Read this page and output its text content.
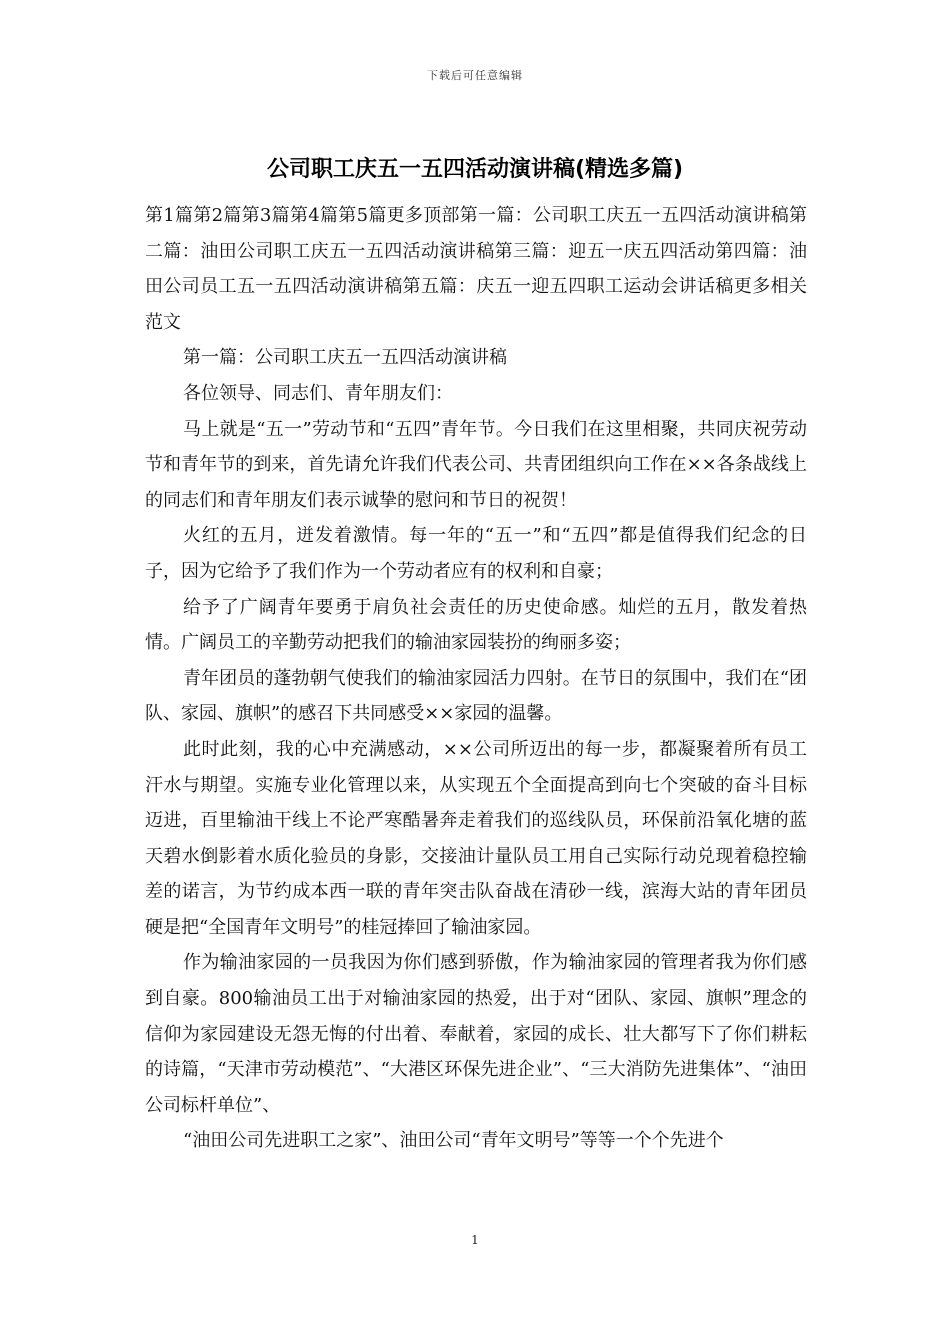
下载后可任意编辑
公司职工庆五一五四活动演讲稿(精选多篇)

第1篇第2篇第3篇第4篇第5篇更多顶部第一篇：公司职工庆五一五四活动演讲稿第二篇：油田公司职工庆五一五四活动演讲稿第三篇：迎五一庆五四活动第四篇：油田公司员工五一五四活动演讲稿第五篇：庆五一迎五四职工运动会讲话稿更多相关范文

第一篇：公司职工庆五一五四活动演讲稿

各位领导、同志们、青年朋友们：

马上就是“五一”劳动节和“五四”青年节。今日我们在这里相聚，共同庆祝劳动节和青年节的到来，首先请允许我们代表公司、共青团组织向工作在××各条战线上的同志们和青年朋友们表示诚挚的慰问和节日的祝贺！

火红的五月，迸发着激情。每一年的“五一”和“五四”都是值得我们纪念的日子，因为它给予了我们作为一个劳动者应有的权利和自豪；

给予了广阔青年要勇于肩负社会责任的历史使命感。灿烂的五月，散发着热情。广阔员工的辛勤劳动把我们的输油家园装扮的绚丽多姿；

青年团员的蓬勃朝气使我们的输油家园活力四射。在节日的氛围中，我们在“团队、家园、旗帜”的感召下共同感受××家园的温馨。

此时此刻，我的心中充满感动，××公司所迈出的每一步，都凝聚着所有员工汗水与期望。实施专业化管理以来，从实现五个全面提高到向七个突破的奋斗目标迈进，百里输油干线上不论严寒酷暑奔走着我们的巡线队员，环保前沿氧化塘的蓝天碧水倒影着水质化验员的身影，交接油计量队员工用自己实际行动兑现着稳控输差的诺言，为节约成本西一联的青年突击队奋战在清砂一线，滨海大站的青年团员硬是把“全国青年文明号”的桂冠捧回了输油家园。

作为输油家园的一员我因为你们感到骄傲，作为输油家园的管理者我为你们感到自豪。800输油员工出于对输油家园的热爱，出于对“团队、家园、旗帜”理念的信仰为家园建设无怨无悔的付出着、奉献着，家园的成长、壮大都写下了你们耕耘的诗篇，“天津市劳动模范”、“大港区环保先进企业”、“三大消防先进集体”、“油田公司标杆单位”、

“油田公司先进职工之家”、油田公司“青年文明号”等等一个个先进个

1
